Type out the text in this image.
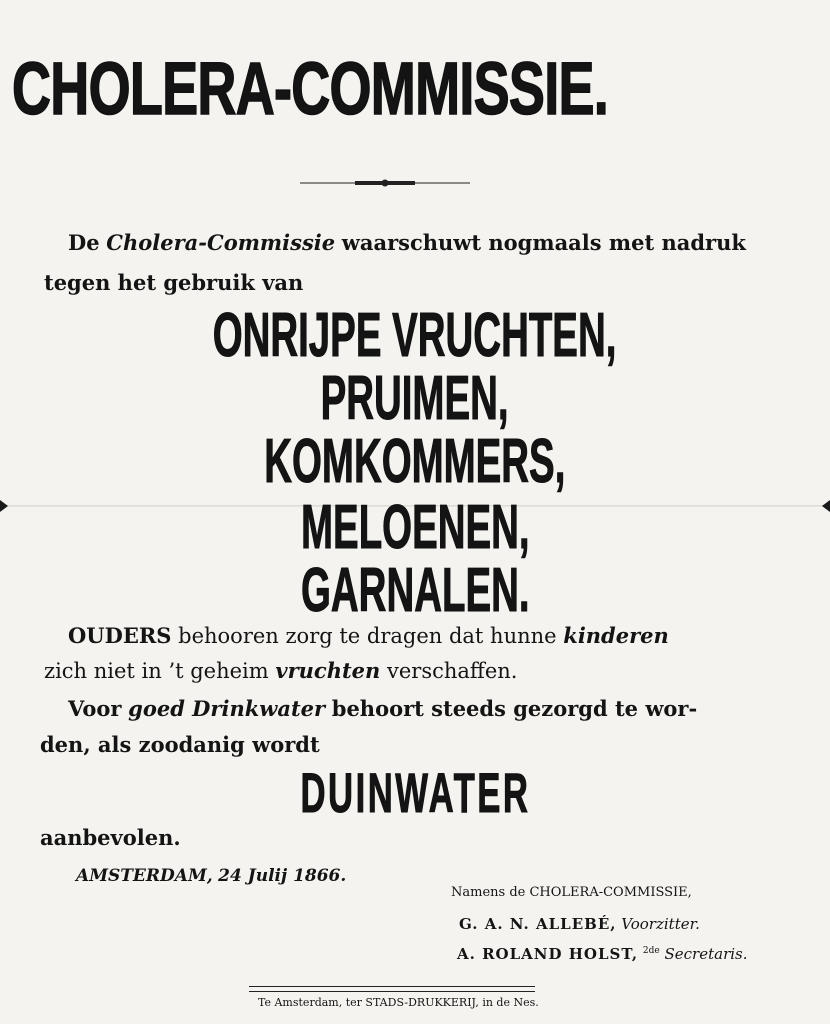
CHOLERA-COMMISSIE.

De Cholera-Commissie waarschuwt nogmaals met nadruk

tegen het gebruik van

ONRIJPE VRUCHTEN,

PRUIMEN,

KOMKOMMERS,

MELOENEN,

GARNALEN.

OUDERS behooren zorg te dragen dat hunne kinderen

zich niet in ’t geheim vruchten verschaffen.

Voor goed Drinkwater behoort steeds gezorgd te wor-

den, als zoodanig wordt

DUINWATER

aanbevolen.

AMSTERDAM, 24 Julij 1866.

Namens de CHOLERA-COMMISSIE,

G. A. N. ALLEBÉ, Voorzitter.

A. ROLAND HOLST, $^{2de}$ Secretaris.

Te Amsterdam, ter STADS-DRUKKERIJ, in de Nes.
